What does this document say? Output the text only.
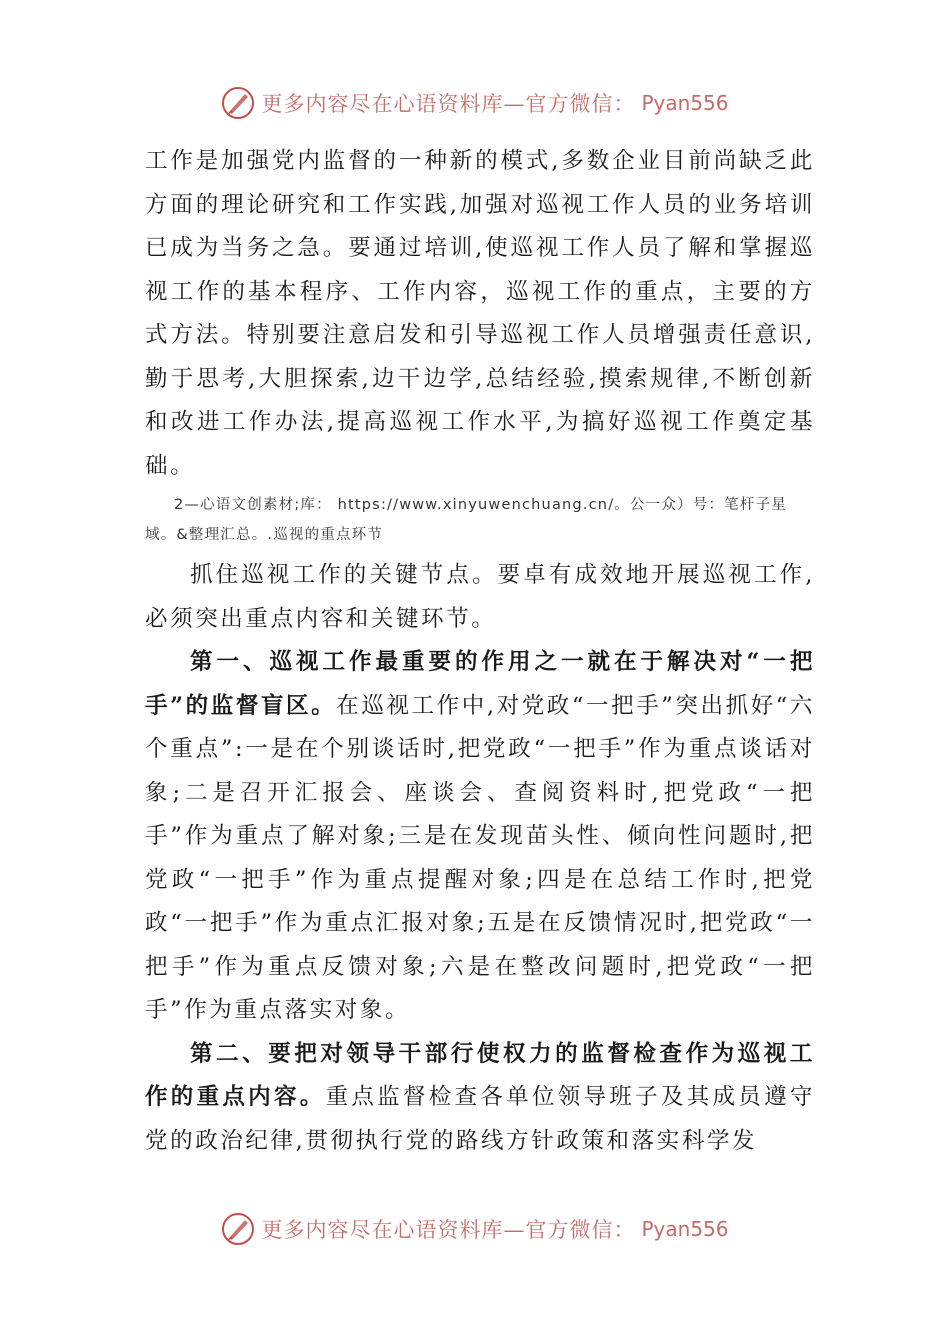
更多内容尽在心语资料库—官方微信： Pyan556

工作是加强党内监督的一种新的模式,多数企业目前尚缺乏此方面的理论研究和工作实践,加强对巡视工作人员的业务培训已成为当务之急。要通过培训,使巡视工作人员了解和掌握巡视工作的基本程序、工作内容，巡视工作的重点，主要的方式方法。特别要注意启发和引导巡视工作人员增强责任意识,勤于思考,大胆探索,边干边学,总结经验,摸索规律,不断创新和改进工作办法,提高巡视工作水平,为搞好巡视工作奠定基础。

2—心语文创素材;库： https://www.xinyuwenchuang.cn/。公一众）号：笔杆子星域。&整理汇总。.巡视的重点环节

抓住巡视工作的关键节点。要卓有成效地开展巡视工作,必须突出重点内容和关键环节。

第一、巡视工作最重要的作用之一就在于解决对“一把手”的监督盲区。在巡视工作中,对党政“一把手”突出抓好“六个重点”:一是在个别谈话时,把党政“一把手”作为重点谈话对象;二是召开汇报会、座谈会、查阅资料时,把党政“一把手”作为重点了解对象;三是在发现苗头性、倾向性问题时,把党政“一把手”作为重点提醒对象;四是在总结工作时,把党政“一把手”作为重点汇报对象;五是在反馈情况时,把党政“一把手”作为重点反馈对象;六是在整改问题时,把党政“一把手”作为重点落实对象。

第二、要把对领导干部行使权力的监督检查作为巡视工作的重点内容。重点监督检查各单位领导班子及其成员遵守党的政治纪律,贯彻执行党的路线方针政策和落实科学发

更多内容尽在心语资料库—官方微信： Pyan556
